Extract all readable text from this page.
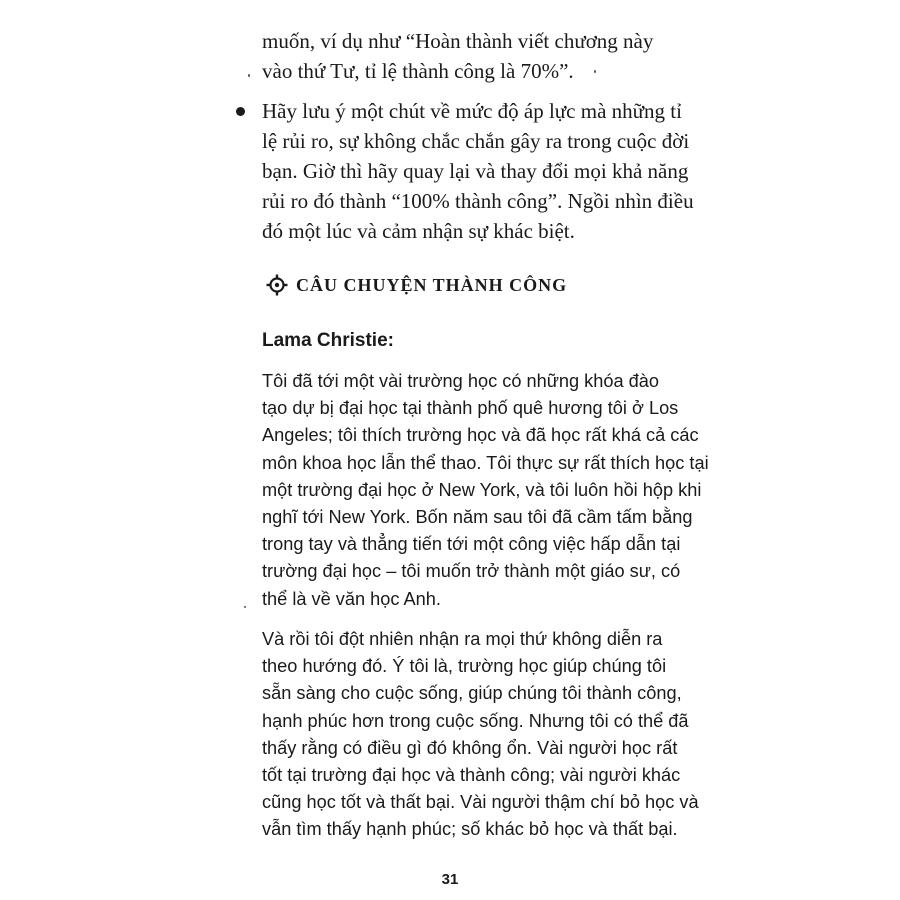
muốn, ví dụ như “Hoàn thành viết chương này
vào thứ Tư, tỉ lệ thành công là 70%”.
Hãy lưu ý một chút về mức độ áp lực mà những tỉ
lệ rủi ro, sự không chắc chắn gây ra trong cuộc đời
bạn. Giờ thì hãy quay lại và thay đổi mọi khả năng
rủi ro đó thành “100% thành công”. Ngồi nhìn điều
đó một lúc và cảm nhận sự khác biệt.
CÂU CHUYỆN THÀNH CÔNG
Lama Christie:
Tôi đã tới một vài trường học có những khóa đào
tạo dự bị đại học tại thành phố quê hương tôi ở Los
Angeles; tôi thích trường học và đã học rất khá cả các
môn khoa học lẫn thể thao. Tôi thực sự rất thích học tại
một trường đại học ở New York, và tôi luôn hồi hộp khi
nghĩ tới New York. Bốn năm sau tôi đã cầm tấm bằng
trong tay và thẳng tiến tới một công việc hấp dẫn tại
trường đại học – tôi muốn trở thành một giáo sư, có
thể là về văn học Anh.
Và rồi tôi đột nhiên nhận ra mọi thứ không diễn ra
theo hướng đó. Ý tôi là, trường học giúp chúng tôi
sẵn sàng cho cuộc sống, giúp chúng tôi thành công,
hạnh phúc hơn trong cuộc sống. Nhưng tôi có thể đã
thấy rằng có điều gì đó không ổn. Vài người học rất
tốt tại trường đại học và thành công; vài người khác
cũng học tốt và thất bại. Vài người thậm chí bỏ học và
vẫn tìm thấy hạnh phúc; số khác bỏ học và thất bại.
31
